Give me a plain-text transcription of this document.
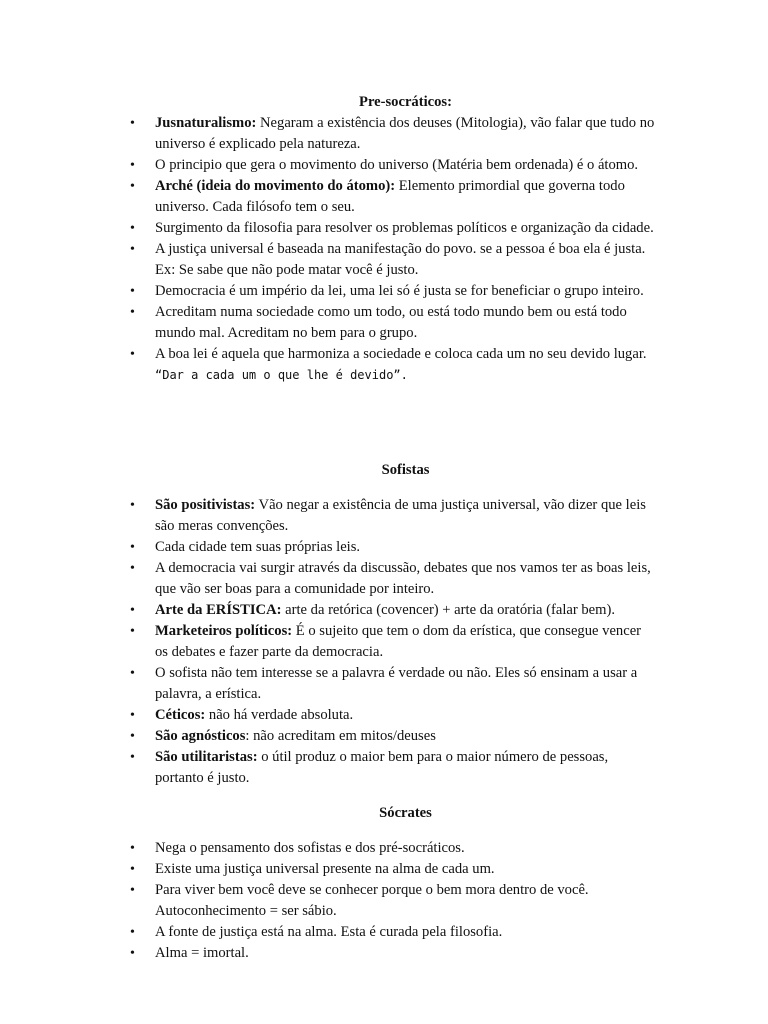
Pre-socráticos:
• Jusnaturalismo: Negaram a existência dos deuses (Mitologia), vão falar que tudo no universo é explicado pela natureza.
• O principio que gera o movimento do universo (Matéria bem ordenada) é o átomo.
• Arché (ideia do movimento do átomo): Elemento primordial que governa todo universo. Cada filósofo tem o seu.
• Surgimento da filosofia para resolver os problemas políticos e organização da cidade.
• A justiça universal é baseada na manifestação do povo. se a pessoa é boa ela é justa. Ex: Se sabe que não pode matar você é justo.
• Democracia é um império da lei, uma lei só é justa se for beneficiar o grupo inteiro.
• Acreditam numa sociedade como um todo, ou está todo mundo bem ou está todo mundo mal. Acreditam no bem para o grupo.
• A boa lei é aquela que harmoniza a sociedade e coloca cada um no seu devido lugar. “Dar a cada um o que lhe é devido”.
Sofistas
• São positivistas: Vão negar a existência de uma justiça universal, vão dizer que leis são meras convenções.
• Cada cidade tem suas próprias leis.
• A democracia vai surgir através da discussão, debates que nos vamos ter as boas leis, que vão ser boas para a comunidade por inteiro.
• Arte da ERÍSTICA: arte da retórica (covencer) + arte da oratória (falar bem).
• Marketeiros políticos: É o sujeito que tem o dom da erística, que consegue vencer os debates e fazer parte da democracia.
• O sofista não tem interesse se a palavra é verdade ou não. Eles só ensinam a usar a palavra, a erística.
• Céticos: não há verdade absoluta.
• São agnósticos: não acreditam em mitos/deuses
• São utilitaristas: o útil produz o maior bem para o maior número de pessoas, portanto é justo.
Sócrates
• Nega o pensamento dos sofistas e dos pré-socráticos.
• Existe uma justiça universal presente na alma de cada um.
• Para viver bem você deve se conhecer porque o bem mora dentro de você. Autoconhecimento = ser sábio.
• A fonte de justiça está na alma. Esta é curada pela filosofia.
• Alma = imortal.
